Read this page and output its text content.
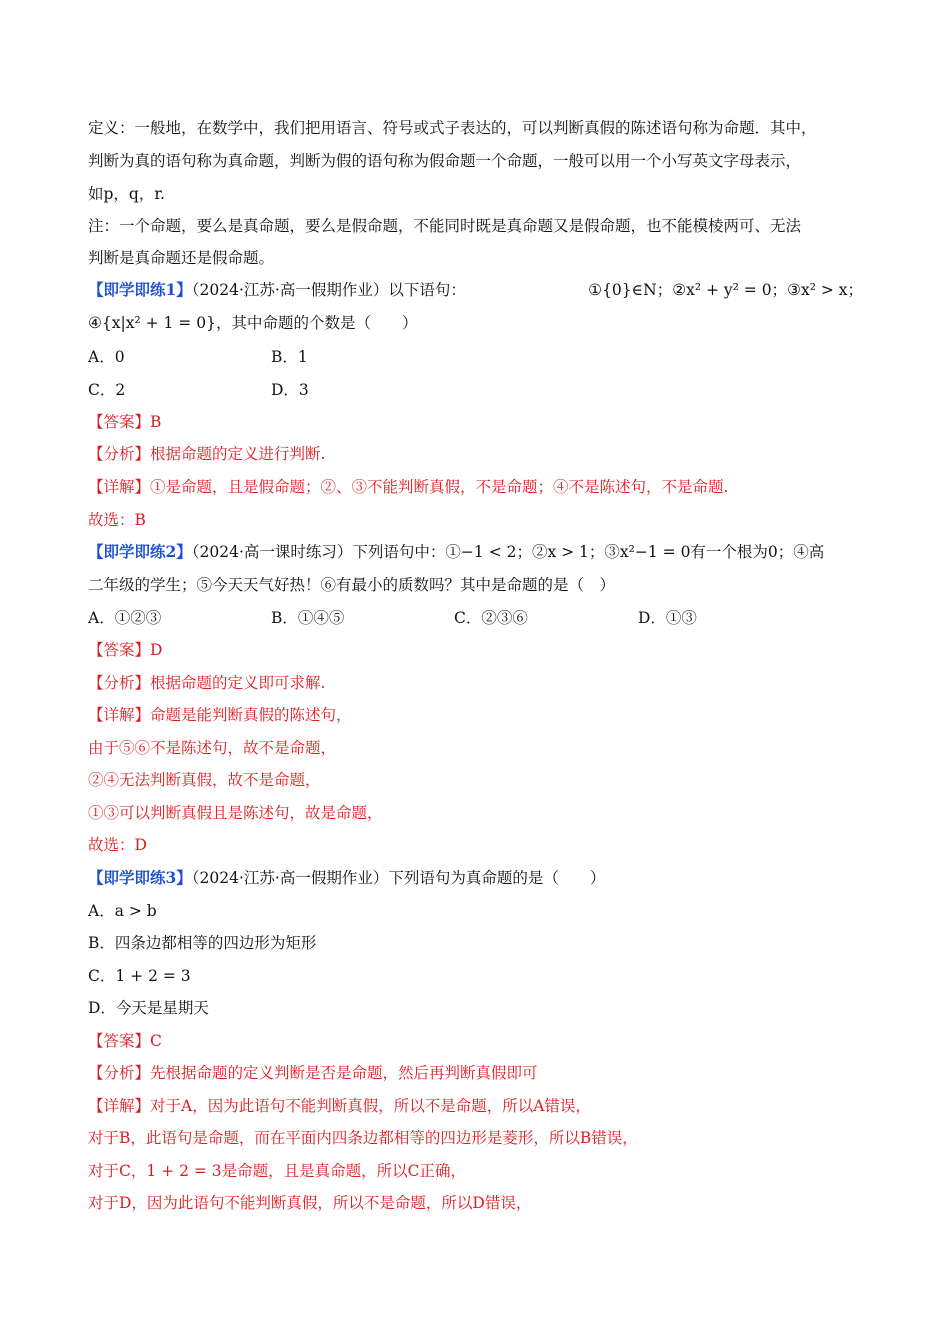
定义：一般地，在数学中，我们把用语言、符号或式子表达的，可以判断真假的陈述语句称为命题．其中，
判断为真的语句称为真命题，判断为假的语句称为假命题一个命题，一般可以用一个小写英文字母表示，
如p，q，r.
注：一个命题，要么是真命题，要么是假命题，不能同时既是真命题又是假命题，也不能模棱两可、无法
判断是真命题还是假命题。
【即学即练1】（2024·江苏·高一假期作业）以下语句：	①{0}∈N；②x² + y² = 0；③x² > x；
④{x|x² + 1 = 0}，其中命题的个数是（　　）
A．0	B．1
C．2	D．3
【答案】B
【分析】根据命题的定义进行判断.
【详解】①是命题，且是假命题；②、③不能判断真假，不是命题；④不是陈述句，不是命题.
故选：B
【即学即练2】（2024·高一课时练习）下列语句中：①−1 < 2；②x > 1；③x²−1 = 0有一个根为0；④高
二年级的学生；⑤今天天气好热！⑥有最小的质数吗？其中是命题的是（　）
A．①②③	B．①④⑤	C．②③⑥	D．①③
【答案】D
【分析】根据命题的定义即可求解.
【详解】命题是能判断真假的陈述句，
由于⑤⑥不是陈述句，故不是命题，
②④无法判断真假，故不是命题，
①③可以判断真假且是陈述句，故是命题，
故选：D
【即学即练3】（2024·江苏·高一假期作业）下列语句为真命题的是（　　）
A．a > b
B．四条边都相等的四边形为矩形
C．1 + 2 = 3
D．今天是星期天
【答案】C
【分析】先根据命题的定义判断是否是命题，然后再判断真假即可
【详解】对于A，因为此语句不能判断真假，所以不是命题，所以A错误，
对于B，此语句是命题，而在平面内四条边都相等的四边形是菱形，所以B错误，
对于C，1 + 2 = 3是命题，且是真命题，所以C正确，
对于D，因为此语句不能判断真假，所以不是命题，所以D错误，
